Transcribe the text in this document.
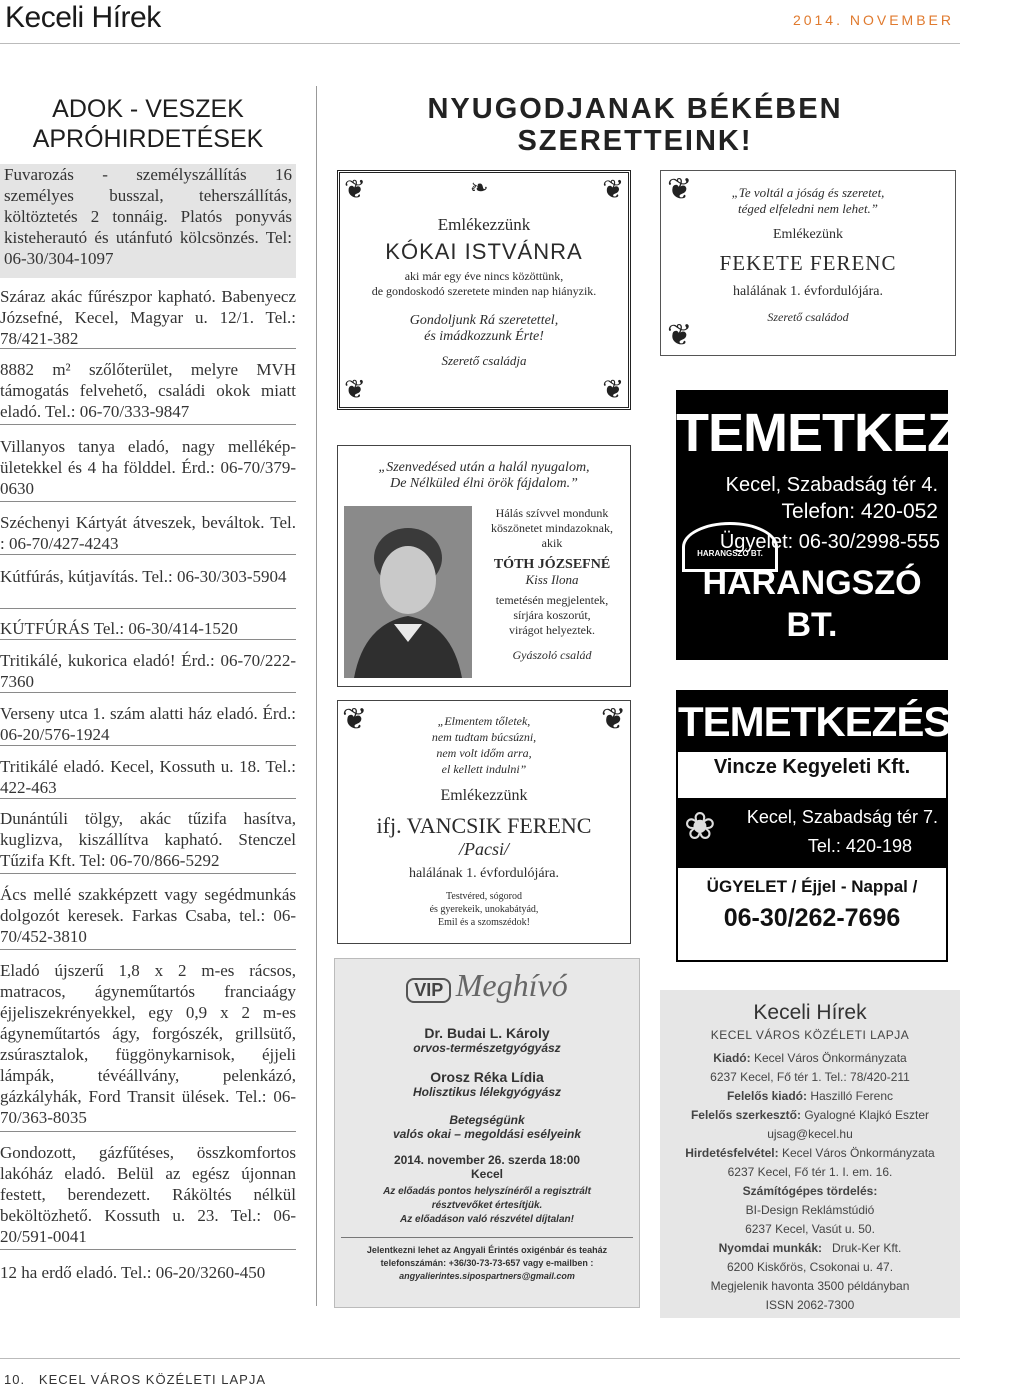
Keceli Hírek	2014. NOVEMBER
ADOK - VESZEK
APRÓHIRDETÉSEK

Fuvarozás - személyszállítás 16 személyes busszal, teherszállítás, költöztetés 2 tonnáig. Platós ponyvás kisteherautó és utánfutó kölcsönzés. Tel: 06-30/304-1097

Száraz akác fűrészpor kapható. Babenyecz Józsefné, Kecel, Magyar u. 12/1. Tel.: 78/421-382

8882 m² szőlőterület, melyre MVH támogatás felvehető, családi okok miatt eladó. Tel.: 06-70/333-9847

Villanyos tanya eladó, nagy melléképületekkel és 4 ha földdel. Érd.: 06-70/379-0630

Széchenyi Kártyát átveszek, beváltok. Tel. : 06-70/427-4243

Kútfúrás, kútjavítás. Tel.: 06-30/303-5904

KÚTFÚRÁS Tel.: 06-30/414-1520

Tritikálé, kukorica eladó! Érd.: 06-70/222-7360

Verseny utca 1. szám alatti ház eladó. Érd.: 06-20/576-1924

Tritikálé eladó. Kecel, Kossuth u. 18. Tel.: 422-463

Dunántúli tölgy, akác tűzifa hasítva, kuglizva, kiszállítva kapható. Stenczel Tűzifa Kft. Tel: 06-70/866-5292

Ács mellé szakképzett vagy segédmunkás dolgozót keresek. Farkas Csaba, tel.: 06-70/452-3810

Eladó újszerű 1,8 x 2 m-es rácsos, matracos, ágyneműtartós franciaágy éjjeliszekrényekkel, egy 0,9 x 2 m-es ágyneműtartós ágy, forgószék, grillsütő, zsúrasztalok, függönykarnisok, éjjeli lámpák, tévéállvány, pelenkázó, gázkályhák, Ford Transit ülések. Tel.: 06-70/363-8035

Gondozott, gázfűtéses, összkomfortos lakóház eladó. Belül az egész újonnan festett, berendezett. Ráköltés nélkül beköltözhető. Kossuth u. 23. Tel.: 06-20/591-0041

12 ha erdő eladó. Tel.: 06-20/3260-450

NYUGODJANAK BÉKÉBEN
SZERETTEINK!
❦	❦
❦	❦
❧
Emlékezzünk
KÓKAI ISTVÁNRA
aki már egy éve nincs közöttünk,
de gondoskodó szeretete minden nap hiányzik.
Gondoljunk Rá szeretettel,
és imádkozzunk Érte!
Szerető családja
❦
❦
„Te voltál a jóság és szeretet,
téged elfeledni nem lehet.”
Emlékezünk
FEKETE FERENC
halálának 1. évfordulójára.
Szerető családod
TEMETKEZÉS
Kecel, Szabadság tér 4.
Telefon: 420-052
HARANGSZÓ BT.
Ügyelet: 06-30/2998-555
HARANGSZÓ BT.
„Szenvedésed után a halál nyugalom,
De Nélküled élni örök fájdalom.”
Hálás szívvel mondunk
köszönetet mindazoknak,
akik
TÓTH JÓZSEFNÉ
Kiss Ilona
temetésén megjelentek,
sírjára koszorút,
virágot helyeztek.
Gyászoló család
❦	❦
„Elmentem tőletek,
nem tudtam búcsúzni,
nem volt időm arra,
el kellett indulni”
Emlékezzünk
ifj. VANCSIK FERENC
/Pacsi/
halálának 1. évfordulójára.
Testvéred, sógorod
és gyerekeik, unokabátyád,
Emil és a szomszédok!
TEMETKEZÉS
Vincze Kegyeleti Kft.
❀	Kecel, Szabadság tér 7.
Tel.: 420-198
ÜGYELET / Éjjel - Nappal /
06-30/262-7696
VIP Meghívó
Dr. Budai L. Károly
orvos-természetgyógyász
Orosz Réka Lídia
Holisztikus lélekgyógyász
Betegségünk
valós okai – megoldási esélyeink
2014. november 26. szerda 18:00
Kecel
Az előadás pontos helyszínéről a regisztrált
résztvevőket értesítjük.
Az előadáson való részvétel díjtalan!
Jelentkezni lehet az Angyali Érintés oxigénbár és teaház
telefonszámán: +36/30-73-73-657 vagy e-mailben :
angyalierintes.sipospartners@gmail.com
Keceli Hírek
KECEL VÁROS KÖZÉLETI LAPJA
Kiadó: Kecel Város Önkormányzata
6237 Kecel, Fő tér 1. Tel.: 78/420-211
Felelős kiadó: Haszilló Ferenc
Felelős szerkesztő: Gyalogné Klajkó Eszter
ujsag@kecel.hu
Hirdetésfelvétel: Kecel Város Önkormányzata
6237 Kecel, Fő tér 1. I. em. 16.
Számítógépes tördelés:
BI-Design Reklámstúdió
6237 Kecel, Vasút u. 50.
Nyomdai munkák: Druk-Ker Kft.
6200 Kiskőrös, Csokonai u. 47.
Megjelenik havonta 3500 példányban
ISSN 2062-7300
10. KECEL VÁROS KÖZÉLETI LAPJA
